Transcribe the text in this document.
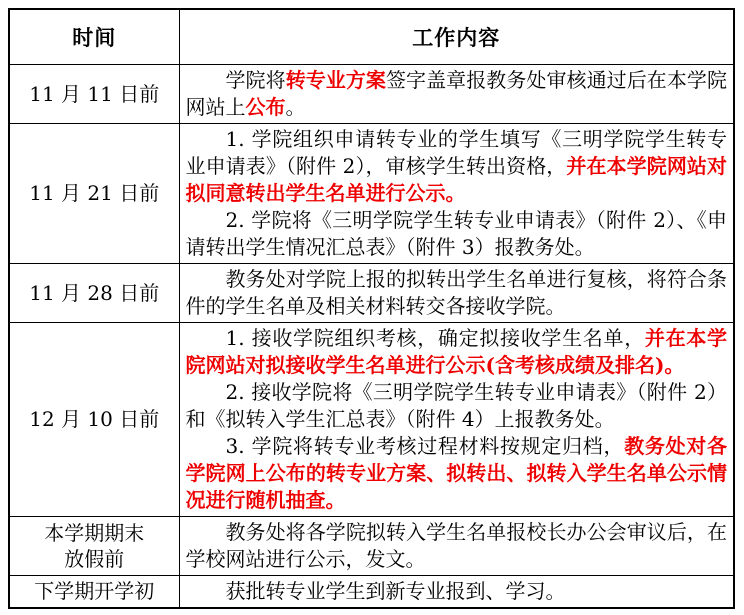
时间	工作内容
11 月 11 日前	学院将转专业方案签字盖章报教务处审核通过后在本学院网站上公布。

11 月 21 日前	1. 学院组织申请转专业的学生填写《三明学院学生转专业申请表》（附件 2），审核学生转出资格，并在本学院网站对拟同意转出学生名单进行公示。

2. 学院将《三明学院学生转专业申请表》（附件 2）、《申请转出学生情况汇总表》（附件 3）报教务处。

11 月 28 日前	教务处对学院上报的拟转出学生名单进行复核，将符合条件的学生名单及相关材料转交各接收学院。

12 月 10 日前	1. 接收学院组织考核，确定拟接收学生名单，并在本学院网站对拟接收学生名单进行公示(含考核成绩及排名)。

2. 接收学院将《三明学院学生转专业申请表》（附件 2）和《拟转入学生汇总表》（附件 4）上报教务处。

3. 学院将转专业考核过程材料按规定归档，教务处对各学院网上公布的转专业方案、拟转出、拟转入学生名单公示情况进行随机抽查。

本学期期末
放假前	教务处将各学院拟转入学生名单报校长办公会审议后，在学校网站进行公示，发文。

下学期开学初	获批转专业学生到新专业报到、学习。
